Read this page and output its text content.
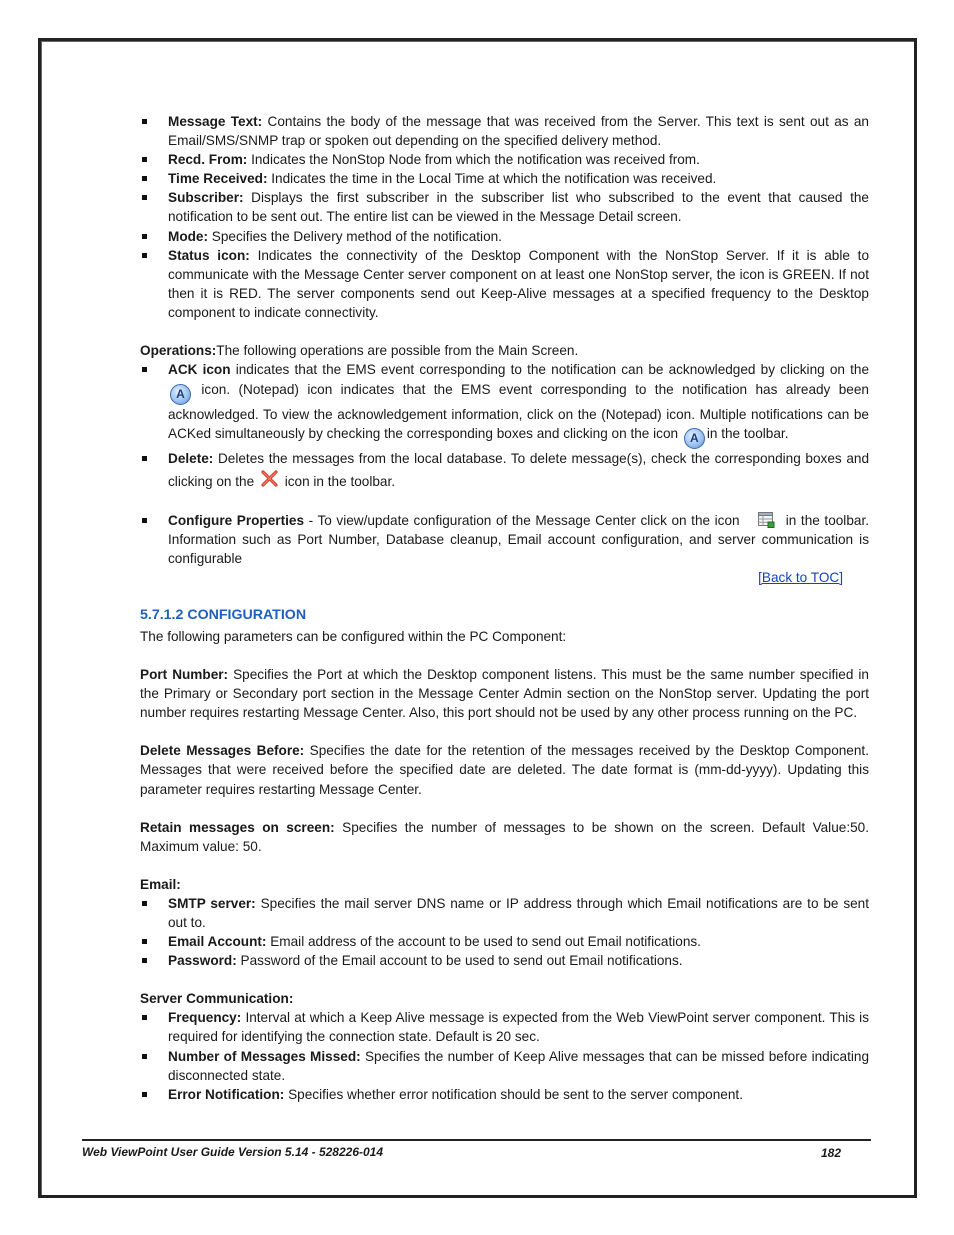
Message Text: Contains the body of the message that was received from the Server. This text is sent out as an Email/SMS/SNMP trap or spoken out depending on the specified delivery method.
Recd. From: Indicates the NonStop Node from which the notification was received from.
Time Received: Indicates the time in the Local Time at which the notification was received.
Subscriber: Displays the first subscriber in the subscriber list who subscribed to the event that caused the notification to be sent out. The entire list can be viewed in the Message Detail screen.
Mode: Specifies the Delivery method of the notification.
Status icon: Indicates the connectivity of the Desktop Component with the NonStop Server. If it is able to communicate with the Message Center server component on at least one NonStop server, the icon is GREEN. If not then it is RED. The server components send out Keep-Alive messages at a specified frequency to the Desktop component to indicate connectivity.

Operations:The following operations are possible from the Main Screen.

ACK icon indicates that the EMS event corresponding to the notification can be acknowledged by clicking on the A icon. (Notepad) icon indicates that the EMS event corresponding to the notification has already been acknowledged. To view the acknowledgement information, click on the (Notepad) icon. Multiple notifications can be ACKed simultaneously by checking the corresponding boxes and clicking on the icon A in the toolbar.
Delete: Deletes the messages from the local database. To delete message(s), check the corresponding boxes and clicking on the  icon in the toolbar.
Configure Properties - To view/update configuration of the Message Center click on the icon	in the toolbar. Information such as Port Number, Database cleanup, Email account configuration, and server communication is configurable
[Back to TOC]
5.7.1.2 CONFIGURATION

The following parameters can be configured within the PC Component:

Port Number: Specifies the Port at which the Desktop component listens. This must be the same number specified in the Primary or Secondary port section in the Message Center Admin section on the NonStop server. Updating the port number requires restarting Message Center. Also, this port should not be used by any other process running on the PC.

Delete Messages Before: Specifies the date for the retention of the messages received by the Desktop Component. Messages that were received before the specified date are deleted. The date format is (mm-dd-yyyy). Updating this parameter requires restarting Message Center.

Retain messages on screen: Specifies the number of messages to be shown on the screen. Default Value:50. Maximum value: 50.

Email:

SMTP server: Specifies the mail server DNS name or IP address through which Email notifications are to be sent out to.
Email Account: Email address of the account to be used to send out Email notifications.
Password: Password of the Email account to be used to send out Email notifications.

Server Communication:

Frequency: Interval at which a Keep Alive message is expected from the Web ViewPoint server component. This is required for identifying the connection state. Default is 20 sec.
Number of Messages Missed: Specifies the number of Keep Alive messages that can be missed before indicating disconnected state.
Error Notification: Specifies whether error notification should be sent to the server component.
Web ViewPoint User Guide Version 5.14 - 528226-014	182
